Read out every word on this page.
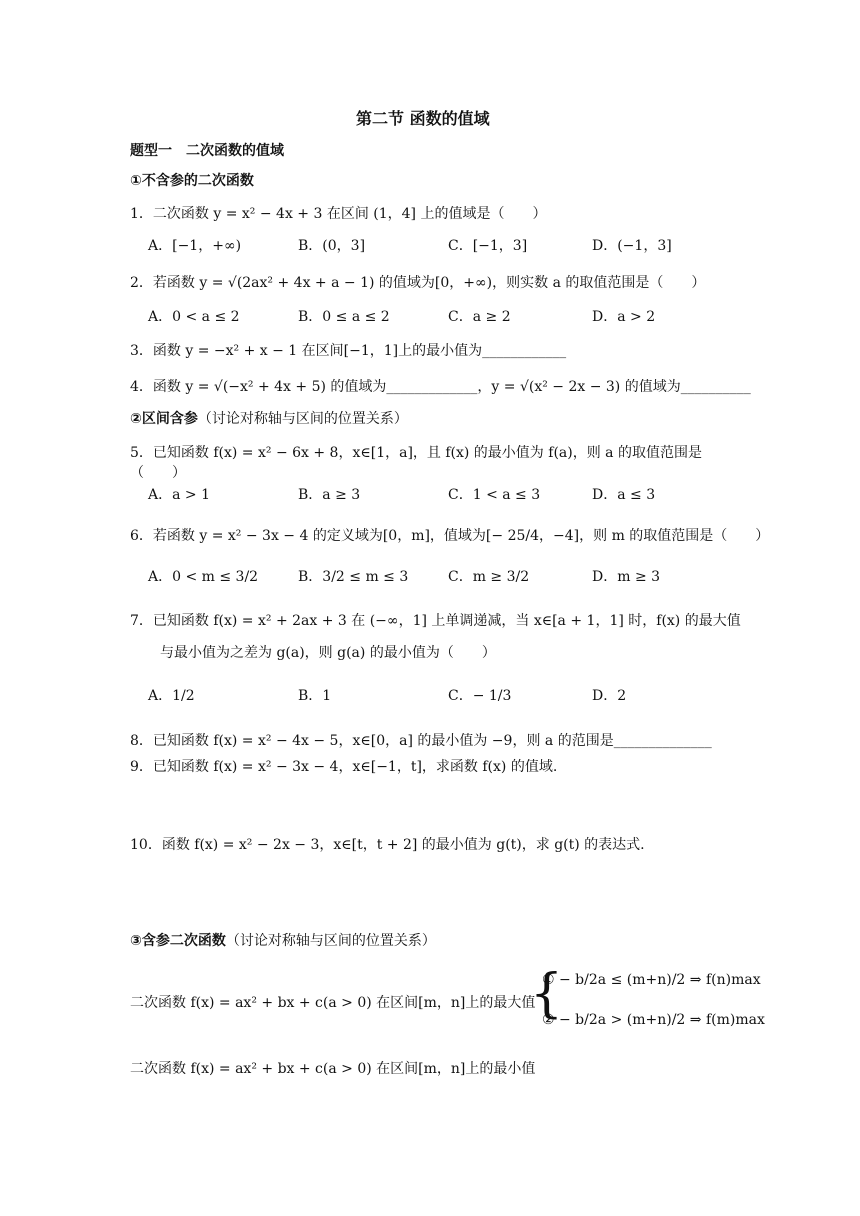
第二节 函数的值域
题型一　二次函数的值域
①不含参的二次函数
1．二次函数 y = x² − 4x + 3 在区间 (1，4] 上的值域是（　　）
A．[−1，+∞)	B．(0，3]	C．[−1，3]	D．(−1，3]
2．若函数 y = √(2ax² + 4x + a − 1) 的值域为[0，+∞)，则实数 a 的取值范围是（　　）
A．0 < a ≤ 2	B．0 ≤ a ≤ 2	C．a ≥ 2	D．a > 2
3．函数 y = −x² + x − 1 在区间[−1，1]上的最小值为____________
4．函数 y = √(−x² + 4x + 5) 的值域为_____________，y = √(x² − 2x − 3) 的值域为__________
②区间含参（讨论对称轴与区间的位置关系）
5．已知函数 f(x) = x² − 6x + 8，x∈[1，a]，且 f(x) 的最小值为 f(a)，则 a 的取值范围是
（　　）
A．a > 1	B．a ≥ 3	C．1 < a ≤ 3	D．a ≤ 3
6．若函数 y = x² − 3x − 4 的定义域为[0，m]，值域为[− 25/4，−4]，则 m 的取值范围是（　　）
A．0 < m ≤ 3/2	B．3/2 ≤ m ≤ 3	C．m ≥ 3/2	D．m ≥ 3
7．已知函数 f(x) = x² + 2ax + 3 在 (−∞，1] 上单调递减，当 x∈[a + 1，1] 时，f(x) 的最大值
与最小值为之差为 g(a)，则 g(a) 的最小值为（　　）
A．1/2	B．1	C．− 1/3	D．2
8．已知函数 f(x) = x² − 4x − 5，x∈[0，a] 的最小值为 −9，则 a 的范围是______________
9．已知函数 f(x) = x² − 3x − 4，x∈[−1，t]，求函数 f(x) 的值域.
10．函数 f(x) = x² − 2x − 3，x∈[t，t + 2] 的最小值为 g(t)，求 g(t) 的表达式.
③含参二次函数（讨论对称轴与区间的位置关系）
二次函数 f(x) = ax² + bx + c(a > 0) 在区间[m，n]上的最大值
{
① − b/2a ≤ (m+n)/2 ⇒ f(n)max
② − b/2a > (m+n)/2 ⇒ f(m)max
二次函数 f(x) = ax² + bx + c(a > 0) 在区间[m，n]上的最小值
